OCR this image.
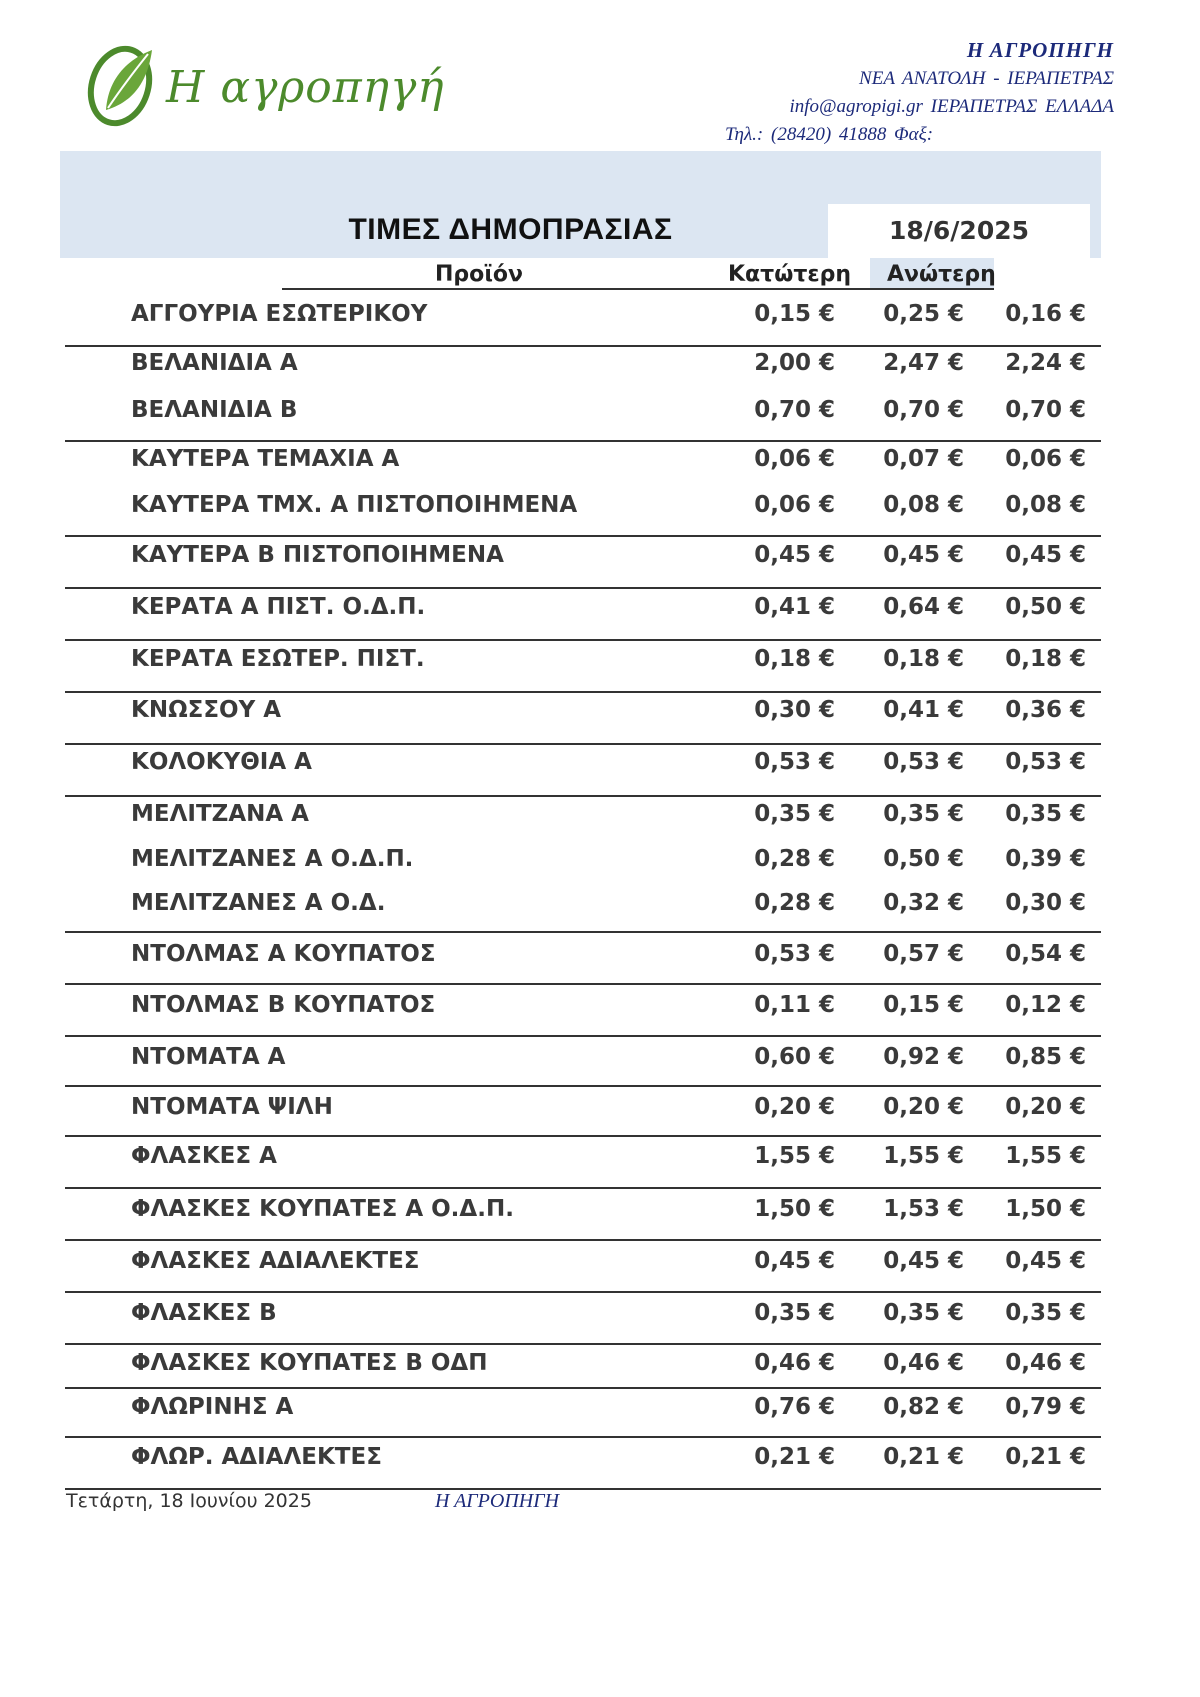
Η αγροπηγή
Η ΑΓΡΟΠΗΓΗ
ΝΕΑ ΑΝΑΤΟΛΗ - ΙΕΡΑΠΕΤΡΑΣ
info@agropigi.gr ΙΕΡΑΠΕΤΡΑΣ ΕΛΛΑΔΑ
Τηλ.: (28420) 41888 Φαξ:
ΤΙΜΕΣ ΔΗΜΟΠΡΑΣΙΑΣ	18/6/2025
Προϊόν	Κατώτερη Ανώτερη
ΑΓΓΟΥΡΙΑ ΕΣΩΤΕΡΙΚΟΥ	0,15 € 0,25 € 0,16 €
ΒΕΛΑΝΙΔΙΑ Α	2,00 € 2,47 € 2,24 €
ΒΕΛΑΝΙΔΙΑ Β	0,70 € 0,70 € 0,70 €
ΚΑΥΤΕΡΑ ΤΕΜΑΧΙΑ Α	0,06 € 0,07 € 0,06 €
ΚΑΥΤΕΡΑ ΤΜΧ. Α ΠΙΣΤΟΠΟΙΗΜΕΝΑ	0,06 € 0,08 € 0,08 €
ΚΑΥΤΕΡΑ Β ΠΙΣΤΟΠΟΙΗΜΕΝΑ	0,45 € 0,45 € 0,45 €
ΚΕΡΑΤΑ Α ΠΙΣΤ. Ο.Δ.Π.	0,41 € 0,64 € 0,50 €
ΚΕΡΑΤΑ ΕΣΩΤΕΡ. ΠΙΣΤ.	0,18 € 0,18 € 0,18 €
ΚΝΩΣΣΟΥ Α	0,30 € 0,41 € 0,36 €
ΚΟΛΟΚΥΘΙΑ Α	0,53 € 0,53 € 0,53 €
ΜΕΛΙΤΖΑΝΑ Α	0,35 € 0,35 € 0,35 €
ΜΕΛΙΤΖΑΝΕΣ Α Ο.Δ.Π.	0,28 € 0,50 € 0,39 €
ΜΕΛΙΤΖΑΝΕΣ Α Ο.Δ.	0,28 € 0,32 € 0,30 €
ΝΤΟΛΜΑΣ Α ΚΟΥΠΑΤΟΣ	0,53 € 0,57 € 0,54 €
ΝΤΟΛΜΑΣ Β ΚΟΥΠΑΤΟΣ	0,11 € 0,15 € 0,12 €
ΝΤΟΜΑΤΑ Α	0,60 € 0,92 € 0,85 €
ΝΤΟΜΑΤΑ ΨΙΛΗ	0,20 € 0,20 € 0,20 €
ΦΛΑΣΚΕΣ Α	1,55 € 1,55 € 1,55 €
ΦΛΑΣΚΕΣ ΚΟΥΠΑΤΕΣ Α Ο.Δ.Π.	1,50 € 1,53 € 1,50 €
ΦΛΑΣΚΕΣ ΑΔΙΑΛΕΚΤΕΣ	0,45 € 0,45 € 0,45 €
ΦΛΑΣΚΕΣ Β	0,35 € 0,35 € 0,35 €
ΦΛΑΣΚΕΣ ΚΟΥΠΑΤΕΣ Β ΟΔΠ	0,46 € 0,46 € 0,46 €
ΦΛΩΡΙΝΗΣ Α	0,76 € 0,82 € 0,79 €
ΦΛΩΡ. ΑΔΙΑΛΕΚΤΕΣ	0,21 € 0,21 € 0,21 €
Τετάρτη, 18 Ιουνίου 2025	Η ΑΓΡΟΠΗΓΗ
